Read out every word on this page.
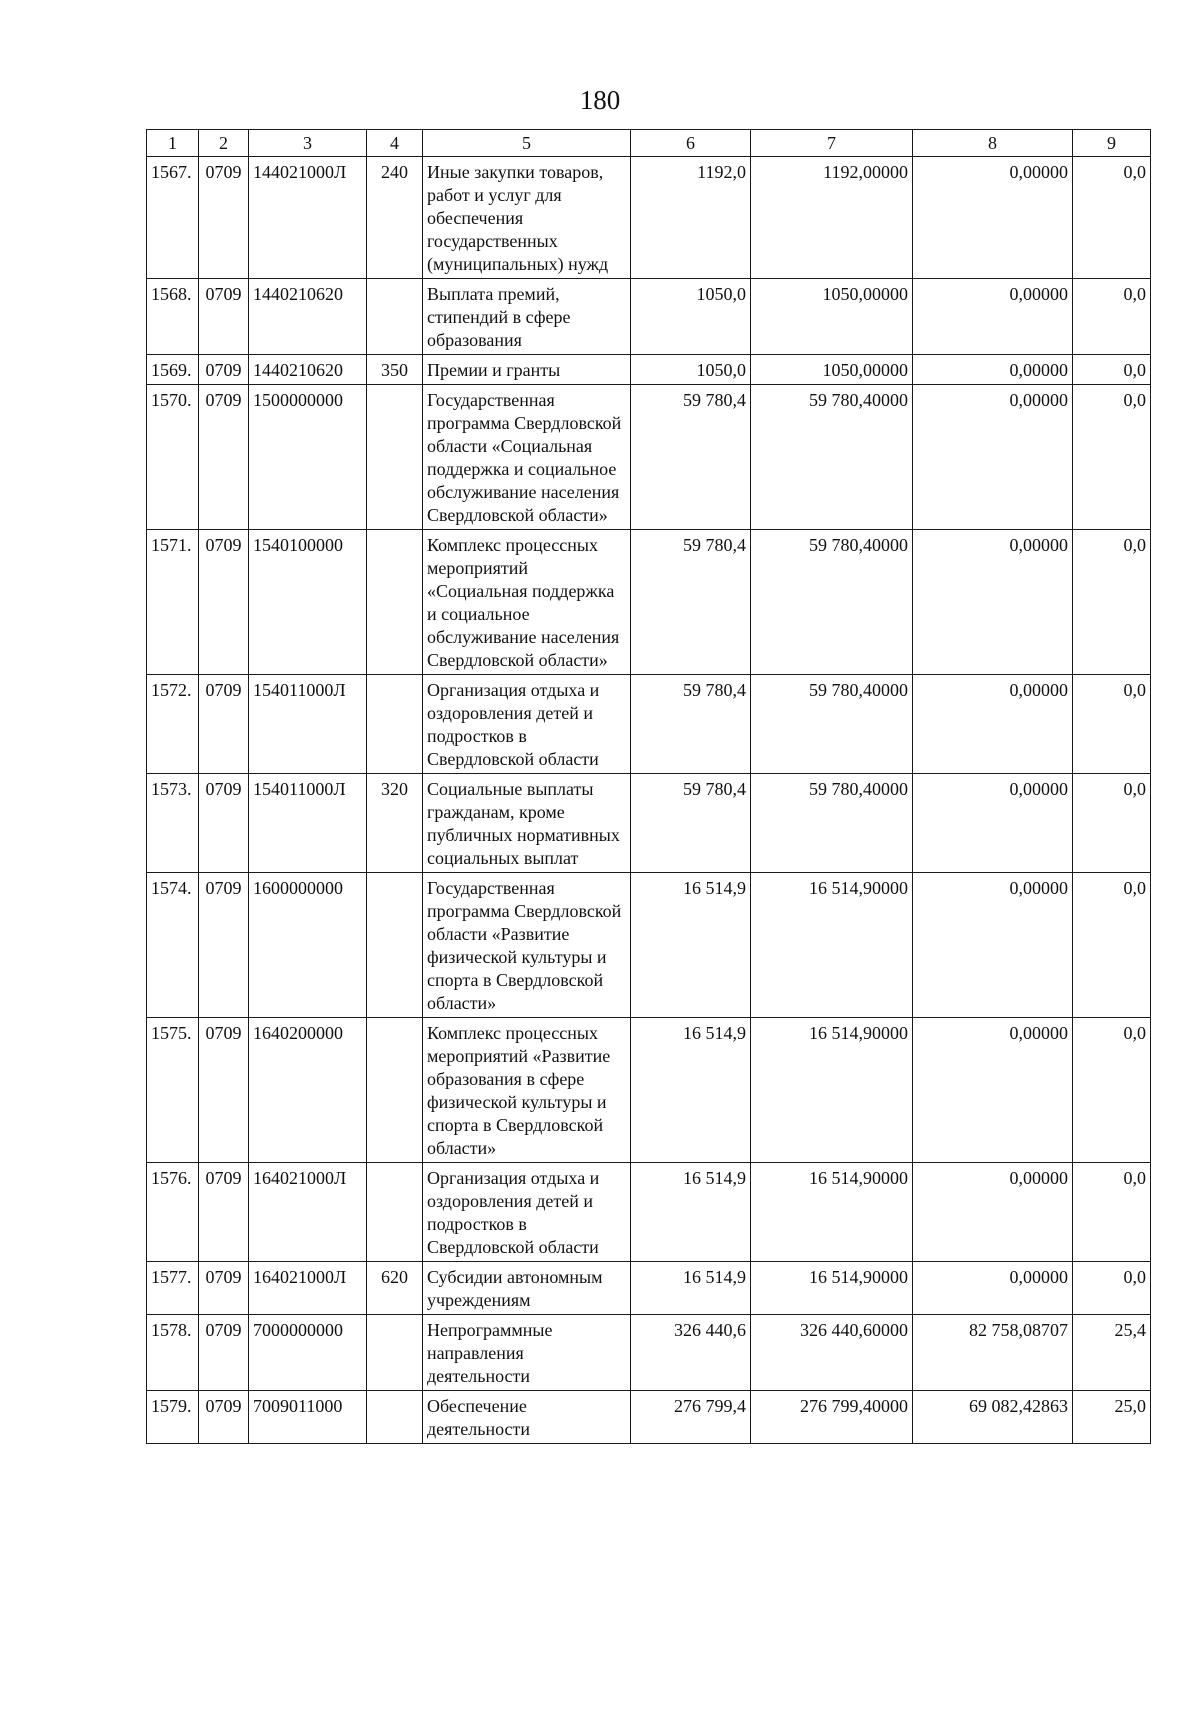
180
1	2	3	4	5	6	7	8	9
1567.	0709	144021000Л	240	Иные закупки товаров, работ и услуг для обеспечения государственных (муниципальных) нужд	1192,0	1192,00000	0,00000	0,0
1568.	0709	1440210620		Выплата премий, стипендий в сфере образования	1050,0	1050,00000	0,00000	0,0
1569.	0709	1440210620	350	Премии и гранты	1050,0	1050,00000	0,00000	0,0
1570.	0709	1500000000		Государственная программа Свердловской области «Социальная поддержка и социальное обслуживание населения Свердловской области»	59 780,4	59 780,40000	0,00000	0,0
1571.	0709	1540100000		Комплекс процессных мероприятий «Социальная поддержка и социальное обслуживание населения Свердловской области»	59 780,4	59 780,40000	0,00000	0,0
1572.	0709	154011000Л		Организация отдыха и оздоровления детей и подростков в Свердловской области	59 780,4	59 780,40000	0,00000	0,0
1573.	0709	154011000Л	320	Социальные выплаты гражданам, кроме публичных нормативных социальных выплат	59 780,4	59 780,40000	0,00000	0,0
1574.	0709	1600000000		Государственная программа Свердловской области «Развитие физической культуры и спорта в Свердловской области»	16 514,9	16 514,90000	0,00000	0,0
1575.	0709	1640200000		Комплекс процессных мероприятий «Развитие образования в сфере физической культуры и спорта в Свердловской области»	16 514,9	16 514,90000	0,00000	0,0
1576.	0709	164021000Л		Организация отдыха и оздоровления детей и подростков в Свердловской области	16 514,9	16 514,90000	0,00000	0,0
1577.	0709	164021000Л	620	Субсидии автономным учреждениям	16 514,9	16 514,90000	0,00000	0,0
1578.	0709	7000000000		Непрограммные направления деятельности	326 440,6	326 440,60000	82 758,08707	25,4
1579.	0709	7009011000		Обеспечение деятельности	276 799,4	276 799,40000	69 082,42863	25,0
